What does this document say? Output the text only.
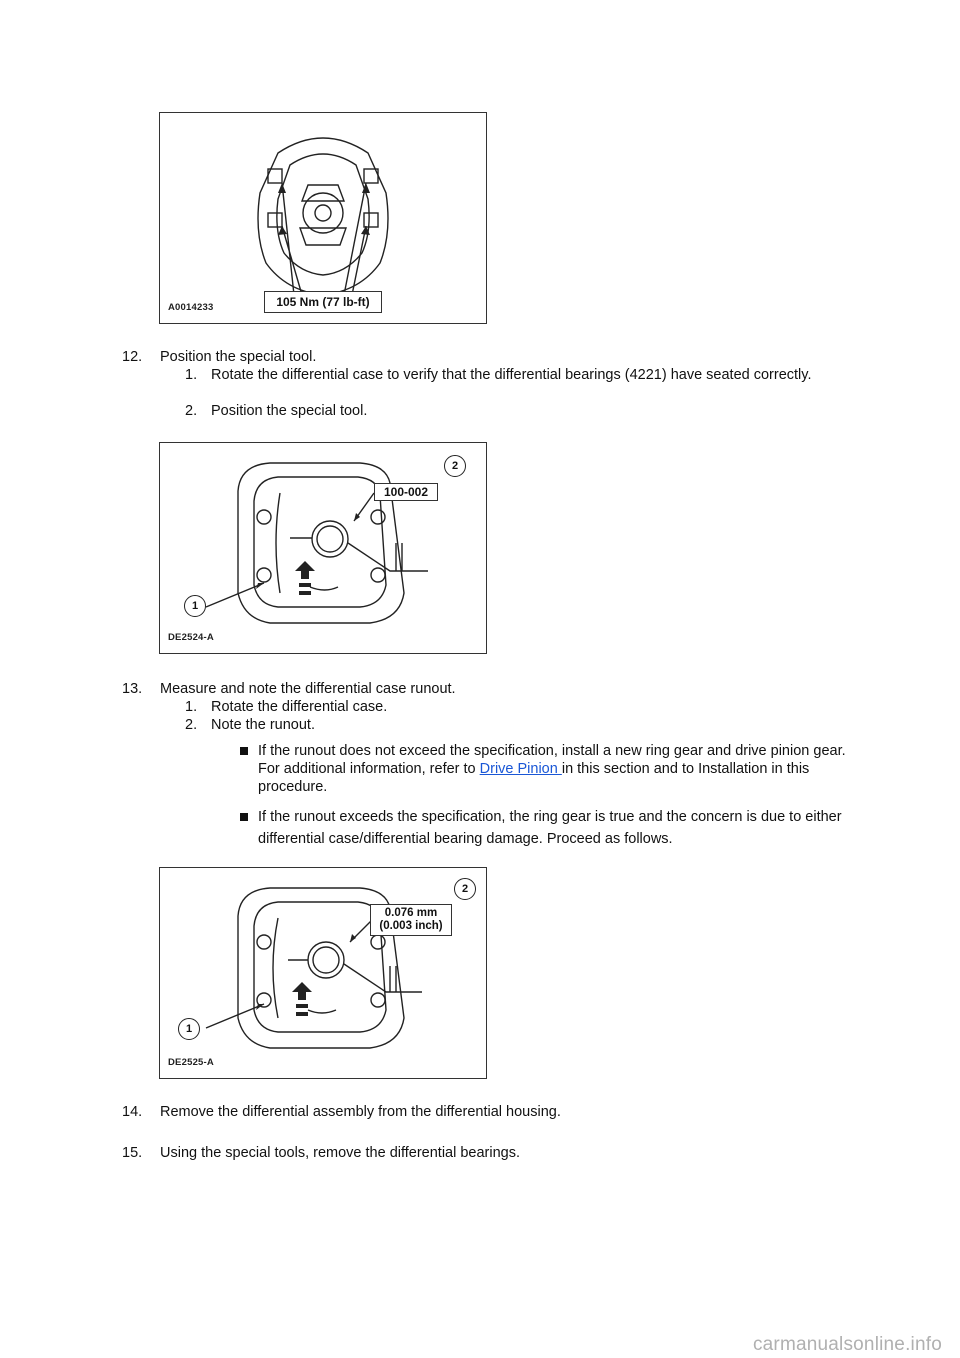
105 Nm (77 lb-ft)
A0014233
12. Position the special tool.
1. Rotate the differential case to verify that the differential bearings (4221) have seated correctly.
2. Position the special tool.
2
100-002
1
DE2524-A
13. Measure and note the differential case runout.
1. Rotate the differential case.
2. Note the runout.
If the runout does not exceed the specification, install a new ring gear and drive pinion gear. For additional information, refer to Drive Pinion in this section and to Installation in this procedure.
If the runout exceeds the specification, the ring gear is true and the concern is due to either differential case/differential bearing damage. Proceed as follows.
2
0.076 mm
(0.003 inch)
1
DE2525-A
14. Remove the differential assembly from the differential housing.
15. Using the special tools, remove the differential bearings.
carmanualsonline.info
